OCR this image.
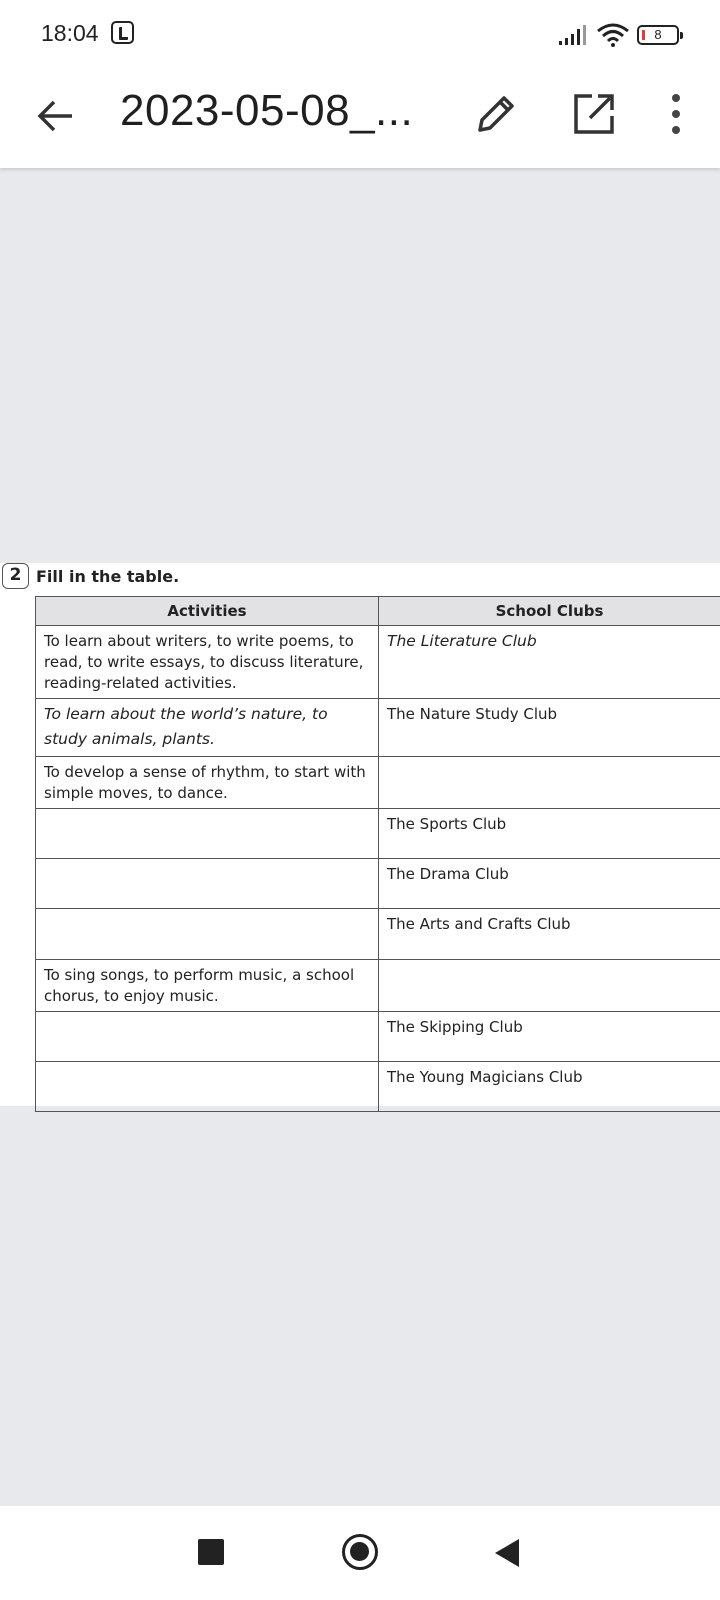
18:04	8
2023-05-08_...
2 Fill in the table.
Activities	School Clubs
To learn about writers, to write poems, to read, to write essays, to discuss literature, reading-related activities.	The Literature Club
To learn about the world’s nature, to study animals, plants.	The Nature Study Club
To develop a sense of rhythm, to start with simple moves, to dance.	
	The Sports Club
	The Drama Club
	The Arts and Crafts Club
To sing songs, to perform music, a school chorus, to enjoy music.	
	The Skipping Club
	The Young Magicians Club
